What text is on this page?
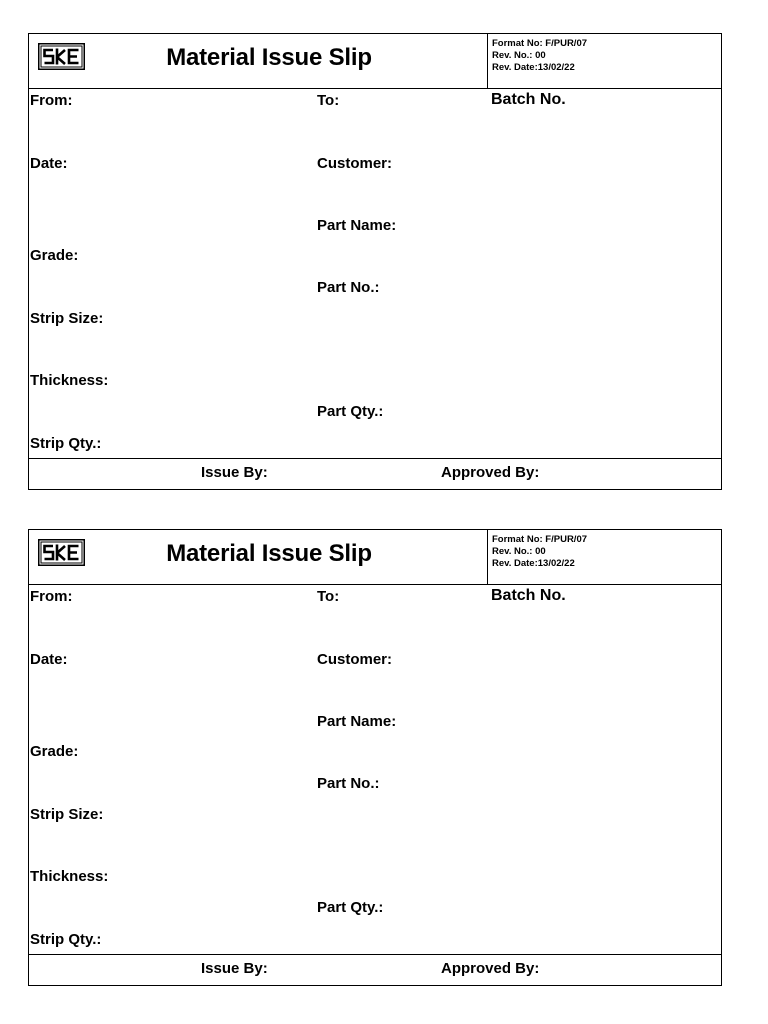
Material Issue Slip
Format No: F/PUR/07
Rev. No.: 00
Rev. Date:13/02/22
From:	To:	Batch No.
Date:	Customer:
Part Name:
Grade:
Part No.:
Strip Size:
Thickness:
Part Qty.:
Strip Qty.:
Issue By:	Approved By:
Material Issue Slip
Format No: F/PUR/07
Rev. No.: 00
Rev. Date:13/02/22
From:	To:	Batch No.
Date:	Customer:
Part Name:
Grade:
Part No.:
Strip Size:
Thickness:
Part Qty.:
Strip Qty.:
Issue By:	Approved By:
